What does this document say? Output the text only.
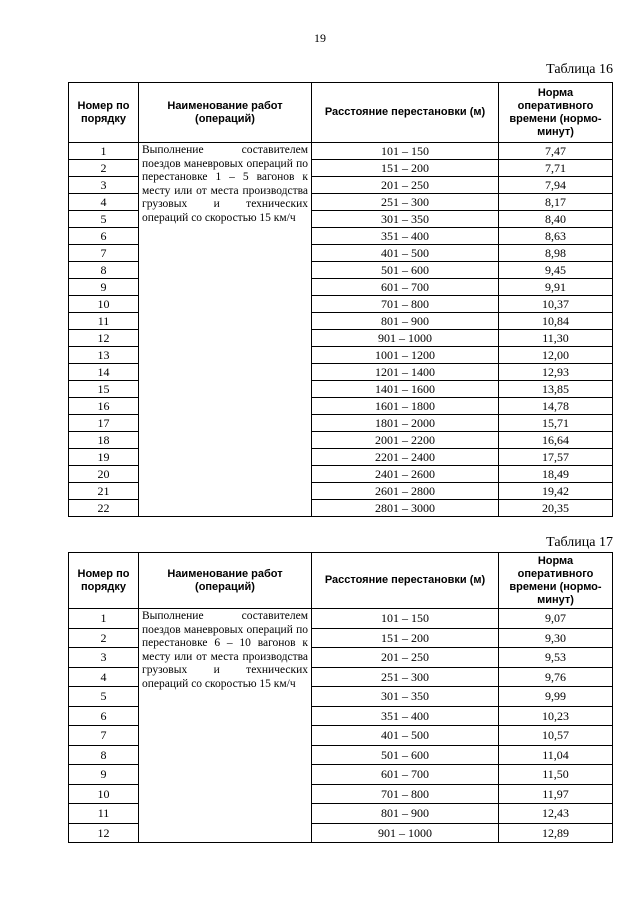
19
Таблица 16
Номер по порядку	Наименование работ (операций)	Расстояние перестановки (м)	Норма оперативного времени (нормо-минут)
1	Выполнение составителем поездов маневровых операций по перестановке 1 – 5 вагонов к месту или от места производства грузовых и технических операций со скоростью 15 км/ч	101 – 150	7,47
2		151 – 200	7,71
3		201 – 250	7,94
4		251 – 300	8,17
5		301 – 350	8,40
6		351 – 400	8,63
7		401 – 500	8,98
8		501 – 600	9,45
9		601 – 700	9,91
10		701 – 800	10,37
11		801 – 900	10,84
12		901 – 1000	11,30
13		1001 – 1200	12,00
14		1201 – 1400	12,93
15		1401 – 1600	13,85
16		1601 – 1800	14,78
17		1801 – 2000	15,71
18		2001 – 2200	16,64
19		2201 – 2400	17,57
20		2401 – 2600	18,49
21		2601 – 2800	19,42
22		2801 – 3000	20,35
Таблица 17
Номер по порядку	Наименование работ (операций)	Расстояние перестановки (м)	Норма оперативного времени (нормо-минут)
1	Выполнение составителем поездов маневровых операций по перестановке 6 – 10 вагонов к месту или от места производства грузовых и технических операций со скоростью 15 км/ч	101 – 150	9,07
2		151 – 200	9,30
3		201 – 250	9,53
4		251 – 300	9,76
5		301 – 350	9,99
6		351 – 400	10,23
7		401 – 500	10,57
8		501 – 600	11,04
9		601 – 700	11,50
10		701 – 800	11,97
11		801 – 900	12,43
12		901 – 1000	12,89
